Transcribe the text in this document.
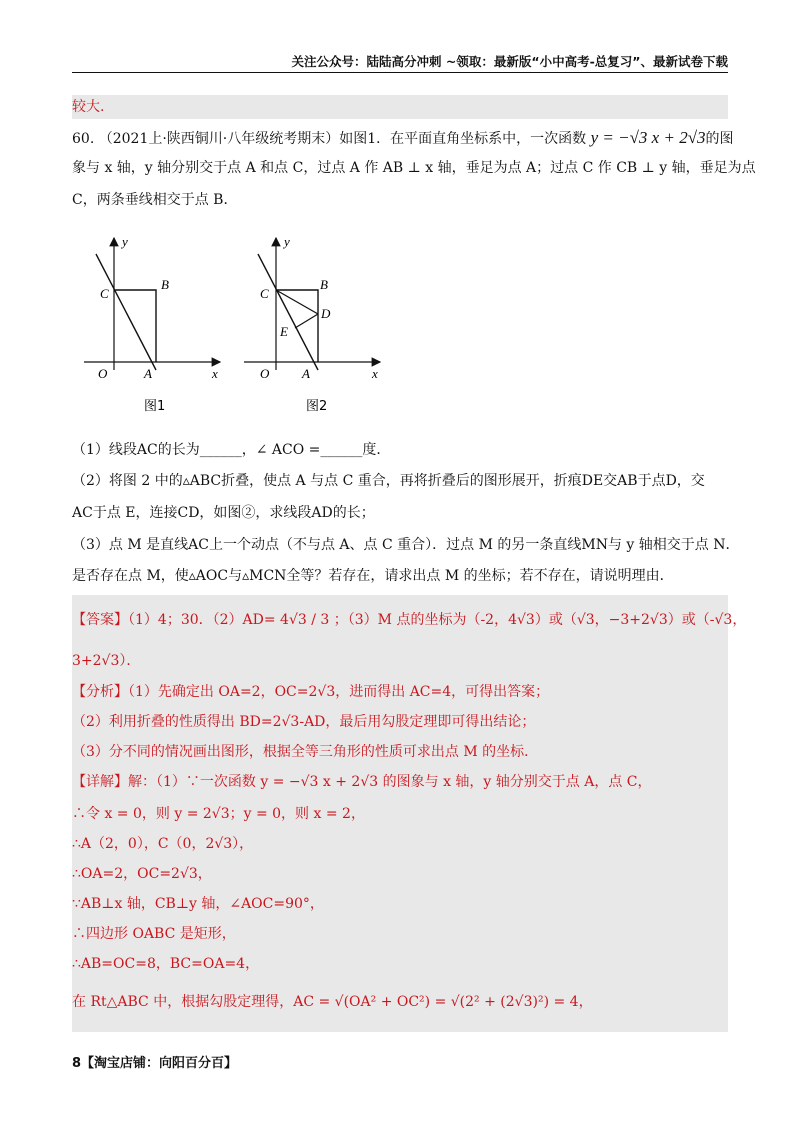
关注公众号：陆陆高分冲刺 ~领取：最新版“小中高考-总复习”、最新试卷下载
较大.
60. （2021上·陕西铜川·八年级统考期末）如图1．在平面直角坐标系中，一次函数 y = −√3 x + 2√3的图
象与 x 轴，y 轴分别交于点 A 和点 C，过点 A 作 AB ⊥ x 轴，垂足为点 A；过点 C 作 CB ⊥ y 轴，垂足为点
C，两条垂线相交于点 B．
y
x
O	A
B
C
图1
y
x
O	A
B
C
D
E
图2
（1）线段AC的长为______，∠ ACO =______度．
（2）将图 2 中的▵ABC折叠，使点 A 与点 C 重合，再将折叠后的图形展开，折痕DE交AB于点D，交
AC于点 E，连接CD，如图②，求线段AD的长；
（3）点 M 是直线AC上一个动点（不与点 A、点 C 重合）．过点 M 的另一条直线MN与 y 轴相交于点 N．
是否存在点 M，使▵AOC与▵MCN全等？若存在，请求出点 M 的坐标；若不存在，请说明理由．
【答案】（1）4；30．（2）AD= 4√3 / 3 ；（3）M 点的坐标为（-2，4√3）或（√3，−3+2√3）或（-√3，
3+2√3）．
【分析】（1）先确定出 OA=2，OC=2√3，进而得出 AC=4，可得出答案；
（2）利用折叠的性质得出 BD=2√3-AD，最后用勾股定理即可得出结论；
（3）分不同的情况画出图形，根据全等三角形的性质可求出点 M 的坐标．
【详解】解：（1）∵一次函数 y = −√3 x + 2√3 的图象与 x 轴，y 轴分别交于点 A，点 C，
∴令 x = 0，则 y = 2√3；y = 0，则 x = 2，
∴A（2，0），C（0，2√3），
∴OA=2，OC=2√3，
∵AB⊥x 轴，CB⊥y 轴，∠AOC=90°，
∴四边形 OABC 是矩形，
∴AB=OC=8，BC=OA=4，
在 Rt△ABC 中，根据勾股定理得，AC = √(OA² + OC²) = √(2² + (2√3)²) = 4，
8【淘宝店铺：向阳百分百】
